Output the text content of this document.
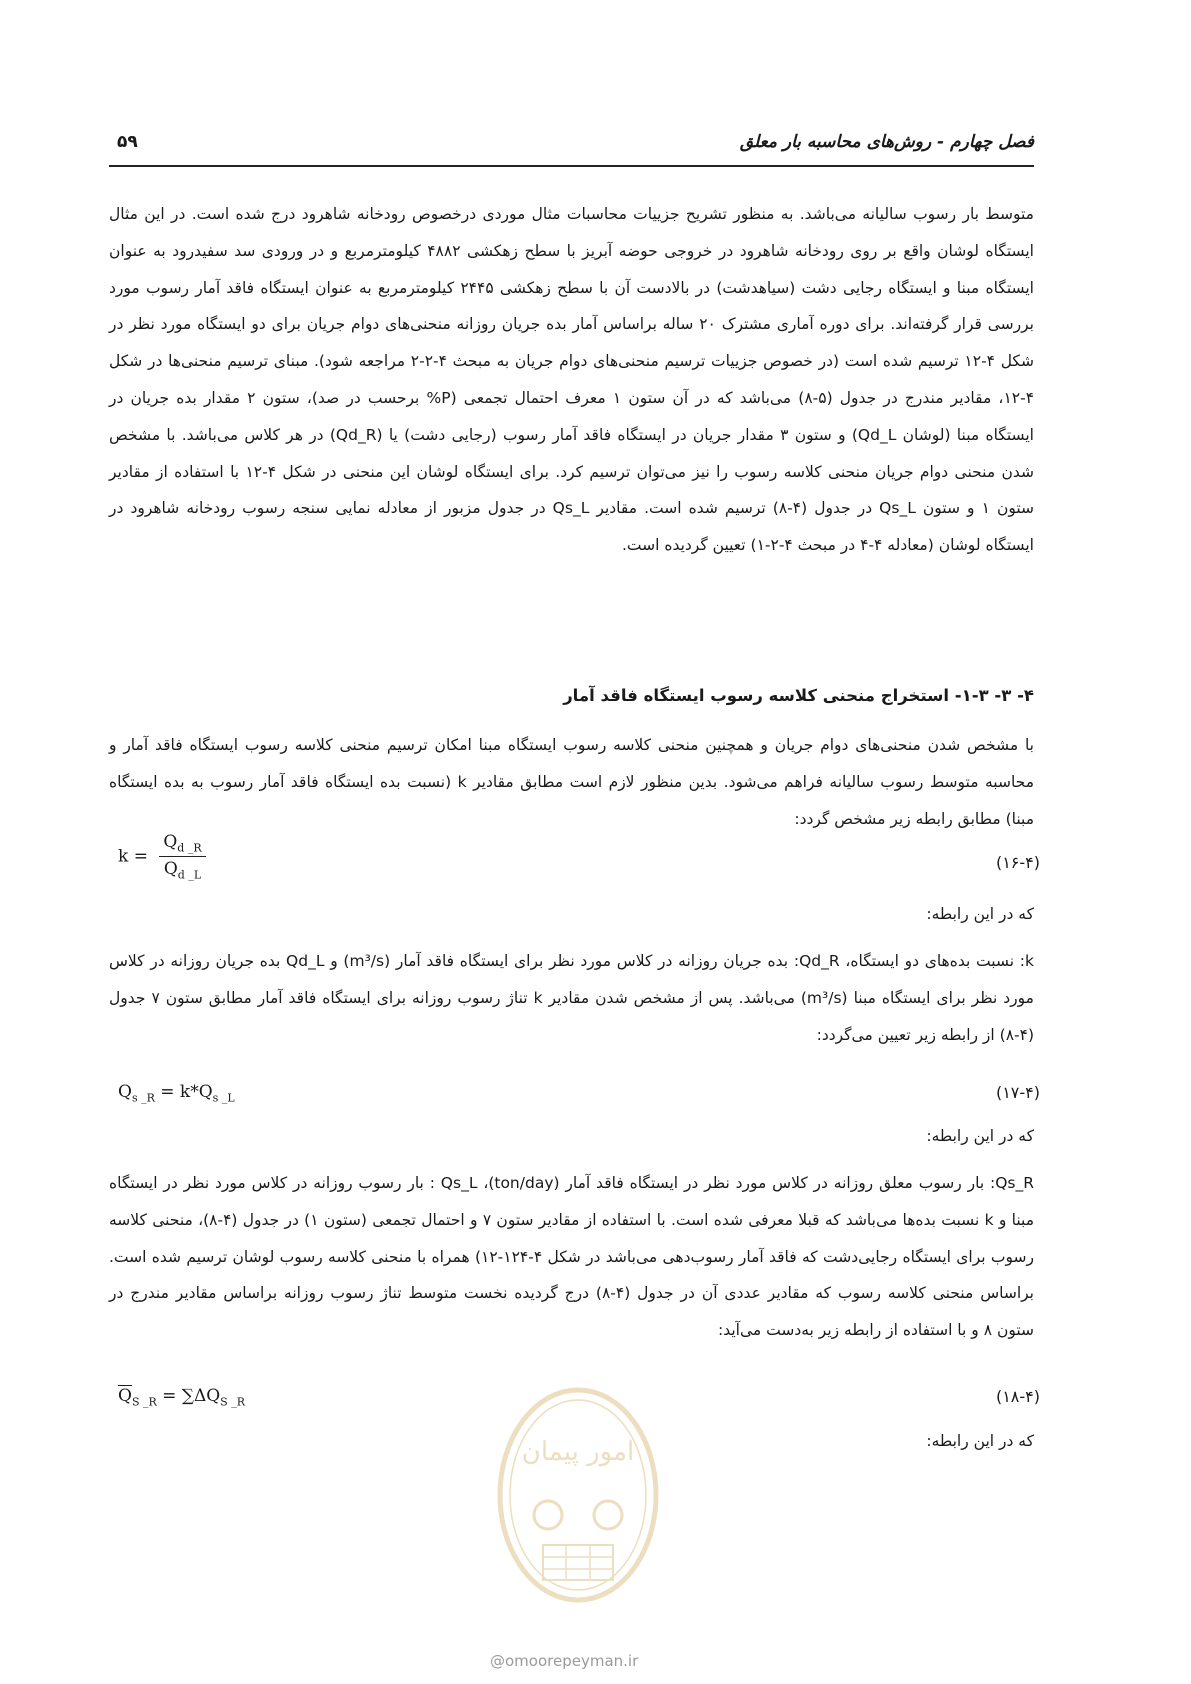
فصل چهارم - روش‌های محاسبه بار معلق
۵۹

متوسط بار رسوب سالیانه می‌باشد. به منظور تشریح جزییات محاسبات مثال موردی درخصوص رودخانه شاهرود درج شده است. در این مثال ایستگاه لوشان واقع بر روی رودخانه شاهرود در خروجی حوضه آبریز با سطح زهکشی ۴۸۸۲ کیلومترمربع و در ورودی سد سفیدرود به عنوان ایستگاه مبنا و ایستگاه رجایی دشت (سیاهدشت) در بالادست آن با سطح زهکشی ۲۴۴۵ کیلومترمربع به عنوان ایستگاه فاقد آمار رسوب مورد بررسی قرار گرفته‌اند. برای دوره آماری مشترک ۲۰ ساله براساس آمار بده جریان روزانه منحنی‌های دوام جریان برای دو ایستگاه مورد نظر در شکل ۴-۱۲ ترسیم شده است (در خصوص جزییات ترسیم منحنی‌های دوام جریان به مبحث ۴-۲-۲ مراجعه شود). مبنای ترسیم منحنی‌ها در شکل ۴-۱۲، مقادیر مندرج در جدول (۵-۸) می‌باشد که در آن ستون ۱ معرف احتمال تجمعی (P% برحسب در صد)، ستون ۲ مقدار بده جریان در ایستگاه مبنا (لوشان Qd_L) و ستون ۳ مقدار جریان در ایستگاه فاقد آمار رسوب (رجایی دشت) یا (Qd_R) در هر کلاس می‌باشد. با مشخص شدن منحنی دوام جریان منحنی کلاسه رسوب را نیز می‌توان ترسیم کرد. برای ایستگاه لوشان این منحنی در شکل ۴-۱۲ با استفاده از مقادیر ستون ۱ و ستون Qs_L در جدول (۴-۸) ترسیم شده است. مقادیر Qs_L در جدول مزبور از معادله نمایی سنجه رسوب رودخانه شاهرود در ایستگاه لوشان (معادله ۴-۴ در مبحث ۴-۲-۱) تعیین گردیده است.

۴- ۳- ۱-۳- استخراج منحنی کلاسه رسوب ایستگاه فاقد آمار

با مشخص شدن منحنی‌های دوام جریان و همچنین منحنی کلاسه رسوب ایستگاه مبنا امکان ترسیم منحنی کلاسه رسوب ایستگاه فاقد آمار و محاسبه متوسط رسوب سالیانه فراهم می‌شود. بدین منظور لازم است مطابق مقادیر k (نسبت بده ایستگاه فاقد آمار رسوب به بده ایستگاه مبنا) مطابق رابطه زیر مشخص گردد:

$k = \frac{Q_{d \_R}}{Q_{d \_L}}$	(۱۶-۴)
که در این رابطه:

k: نسبت بده‌های دو ایستگاه، Qd_R: بده جریان روزانه در کلاس مورد نظر برای ایستگاه فاقد آمار (m³/s) و Qd_L بده جریان روزانه در کلاس مورد نظر برای ایستگاه مبنا (m³/s) می‌باشد. پس از مشخص شدن مقادیر k تناژ رسوب روزانه برای ایستگاه فاقد آمار مطابق ستون ۷ جدول (۴-۸) از رابطه زیر تعیین می‌گردد:

$Q_{s \_R} = k*Q_{s \_L}$	(۱۷-۴)
که در این رابطه:

Qs_R: بار رسوب معلق روزانه در کلاس مورد نظر در ایستگاه فاقد آمار (ton/day)، Qs_L : بار رسوب روزانه در کلاس مورد نظر در ایستگاه مبنا و k نسبت بده‌ها می‌باشد که قبلا معرفی شده است. با استفاده از مقادیر ستون ۷ و احتمال تجمعی (ستون ۱) در جدول (۴-۸)، منحنی کلاسه رسوب برای ایستگاه رجایی‌دشت که فاقد آمار رسوب‌دهی می‌باشد در شکل ۴-۱۲۴-۱۲) همراه با منحنی کلاسه رسوب لوشان ترسیم شده است. براساس منحنی کلاسه رسوب که مقادیر عددی آن در جدول (۴-۸) درج گردیده نخست متوسط تناژ رسوب روزانه براساس مقادیر مندرج در ستون ۸ و با استفاده از رابطه زیر به‌دست می‌آید:

$\overline{Q}_{S \_R} = \sum\Delta Q_{S \_R}$	(۱۸-۴)
که در این رابطه:
امور پیمان
@omoorepeyman.ir
